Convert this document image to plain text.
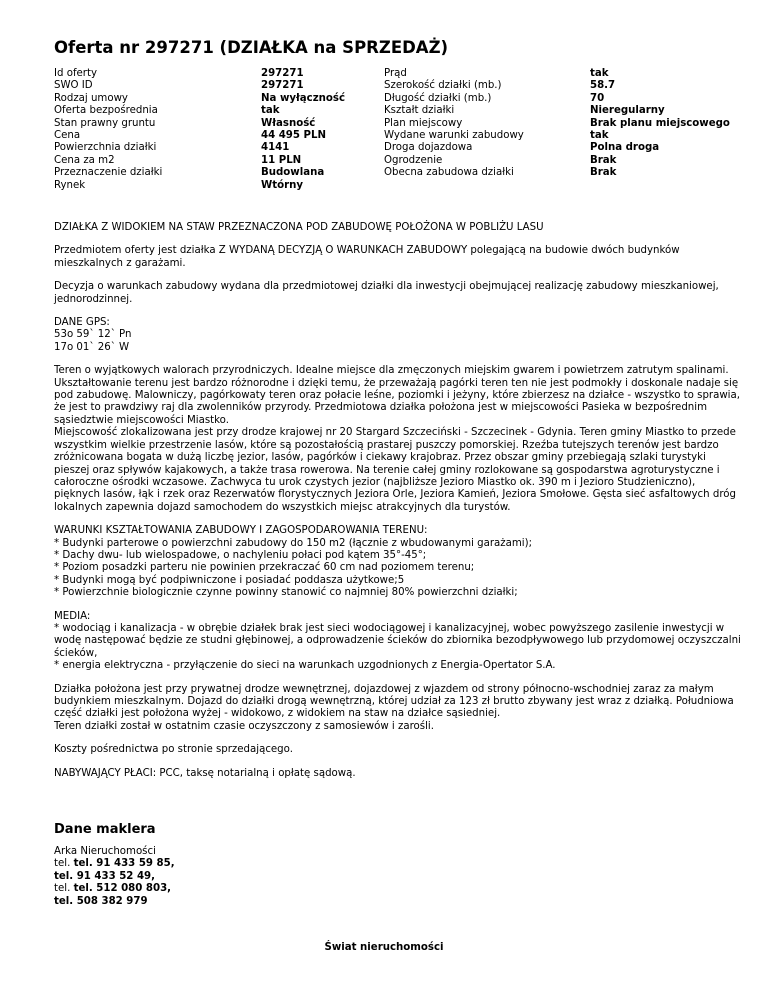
Oferta nr 297271 (DZIAŁKA na SPRZEDAŻ)
Id oferty
SWO ID
Rodzaj umowy
Oferta bezpośrednia
Stan prawny gruntu
Cena
Powierzchnia działki
Cena za m2
Przeznaczenie działki
Rynek
297271
297271
Na wyłączność
tak
Własność
44 495 PLN
4141
11 PLN
Budowlana
Wtórny
Prąd
Szerokość działki (mb.)
Długość działki (mb.)
Kształt działki
Plan miejscowy
Wydane warunki zabudowy
Droga dojazdowa
Ogrodzenie
Obecna zabudowa działki
tak
58.7
70
Nieregularny
Brak planu miejscowego
tak
Polna droga
Brak
Brak

DZIAŁKA Z WIDOKIEM NA STAW PRZEZNACZONA POD ZABUDOWĘ POŁOŻONA W POBLIŻU LASU

Przedmiotem oferty jest działka Z WYDANĄ DECYZJĄ O WARUNKACH ZABUDOWY polegającą na budowie dwóch budynków mieszkalnych z garażami.

Decyzja o warunkach zabudowy wydana dla przedmiotowej działki dla inwestycji obejmującej realizację zabudowy mieszkaniowej, jednorodzinnej.

DANE GPS:
53o 59` 12` Pn
17o 01` 26` W

Teren o wyjątkowych walorach przyrodniczych. Idealne miejsce dla zmęczonych miejskim gwarem i powietrzem zatrutym spalinami.
Ukształtowanie terenu jest bardzo różnorodne i dzięki temu, że przeważają pagórki teren ten nie jest podmokły i doskonale nadaje się pod zabudowę. Malowniczy, pagórkowaty teren oraz połacie leśne, poziomki i jeżyny, które zbierzesz na działce - wszystko to sprawia, że jest to prawdziwy raj dla zwolenników przyrody. Przedmiotowa działka położona jest w miejscowości Pasieka w bezpośrednim sąsiedztwie miejscowości Miastko.
Miejscowość zlokalizowana jest przy drodze krajowej nr 20 Stargard Szczeciński - Szczecinek - Gdynia. Teren gminy Miastko to przede wszystkim wielkie przestrzenie lasów, które są pozostałością prastarej puszczy pomorskiej. Rzeźba tutejszych terenów jest bardzo zróżnicowana bogata w dużą liczbę jezior, lasów, pagórków i ciekawy krajobraz. Przez obszar gminy przebiegają szlaki turystyki pieszej oraz spływów kajakowych, a także trasa rowerowa. Na terenie całej gminy rozlokowane są gospodarstwa agroturystyczne i całoroczne ośrodki wczasowe. Zachwyca tu urok czystych jezior (najbliższe Jezioro Miastko ok. 390 m i Jezioro Studzieniczno), pięknych lasów, łąk i rzek oraz Rezerwatów florystycznych Jeziora Orle, Jeziora Kamień, Jeziora Smołowe. Gęsta sieć asfaltowych dróg lokalnych zapewnia dojazd samochodem do wszystkich miejsc atrakcyjnych dla turystów.

WARUNKI KSZTAŁTOWANIA ZABUDOWY I ZAGOSPODAROWANIA TERENU:
* Budynki parterowe o powierzchni zabudowy do 150 m2 (łącznie z wbudowanymi garażami);
* Dachy dwu- lub wielospadowe, o nachyleniu połaci pod kątem 35°-45°;
* Poziom posadzki parteru nie powinien przekraczać 60 cm nad poziomem terenu;
* Budynki mogą być podpiwniczone i posiadać poddasza użytkowe;5
* Powierzchnie biologicznie czynne powinny stanowić co najmniej 80% powierzchni działki;

MEDIA:
* wodociąg i kanalizacja - w obrębie działek brak jest sieci wodociągowej i kanalizacyjnej, wobec powyższego zasilenie inwestycji w wodę następować będzie ze studni głębinowej, a odprowadzenie ścieków do zbiornika bezodpływowego lub przydomowej oczyszczalni ścieków,
* energia elektryczna - przyłączenie do sieci na warunkach uzgodnionych z Energia-Opertator S.A.

Działka położona jest przy prywatnej drodze wewnętrznej, dojazdowej z wjazdem od strony północno-wschodniej zaraz za małym budynkiem mieszkalnym. Dojazd do działki drogą wewnętrzną, której udział za 123 zł brutto zbywany jest wraz z działką. Południowa część działki jest położona wyżej - widokowo, z widokiem na staw na działce sąsiedniej.
Teren działki został w ostatnim czasie oczyszczony z samosiewów i zarośli.

Koszty pośrednictwa po stronie sprzedającego.

NABYWAJĄCY PŁACI: PCC, taksę notarialną i opłatę sądową.

Dane maklera
Arka Nieruchomości
tel. tel. 91 433 59 85,
tel. 91 433 52 49,
tel. tel. 512 080 803,
tel. 508 382 979
Świat nieruchomości
